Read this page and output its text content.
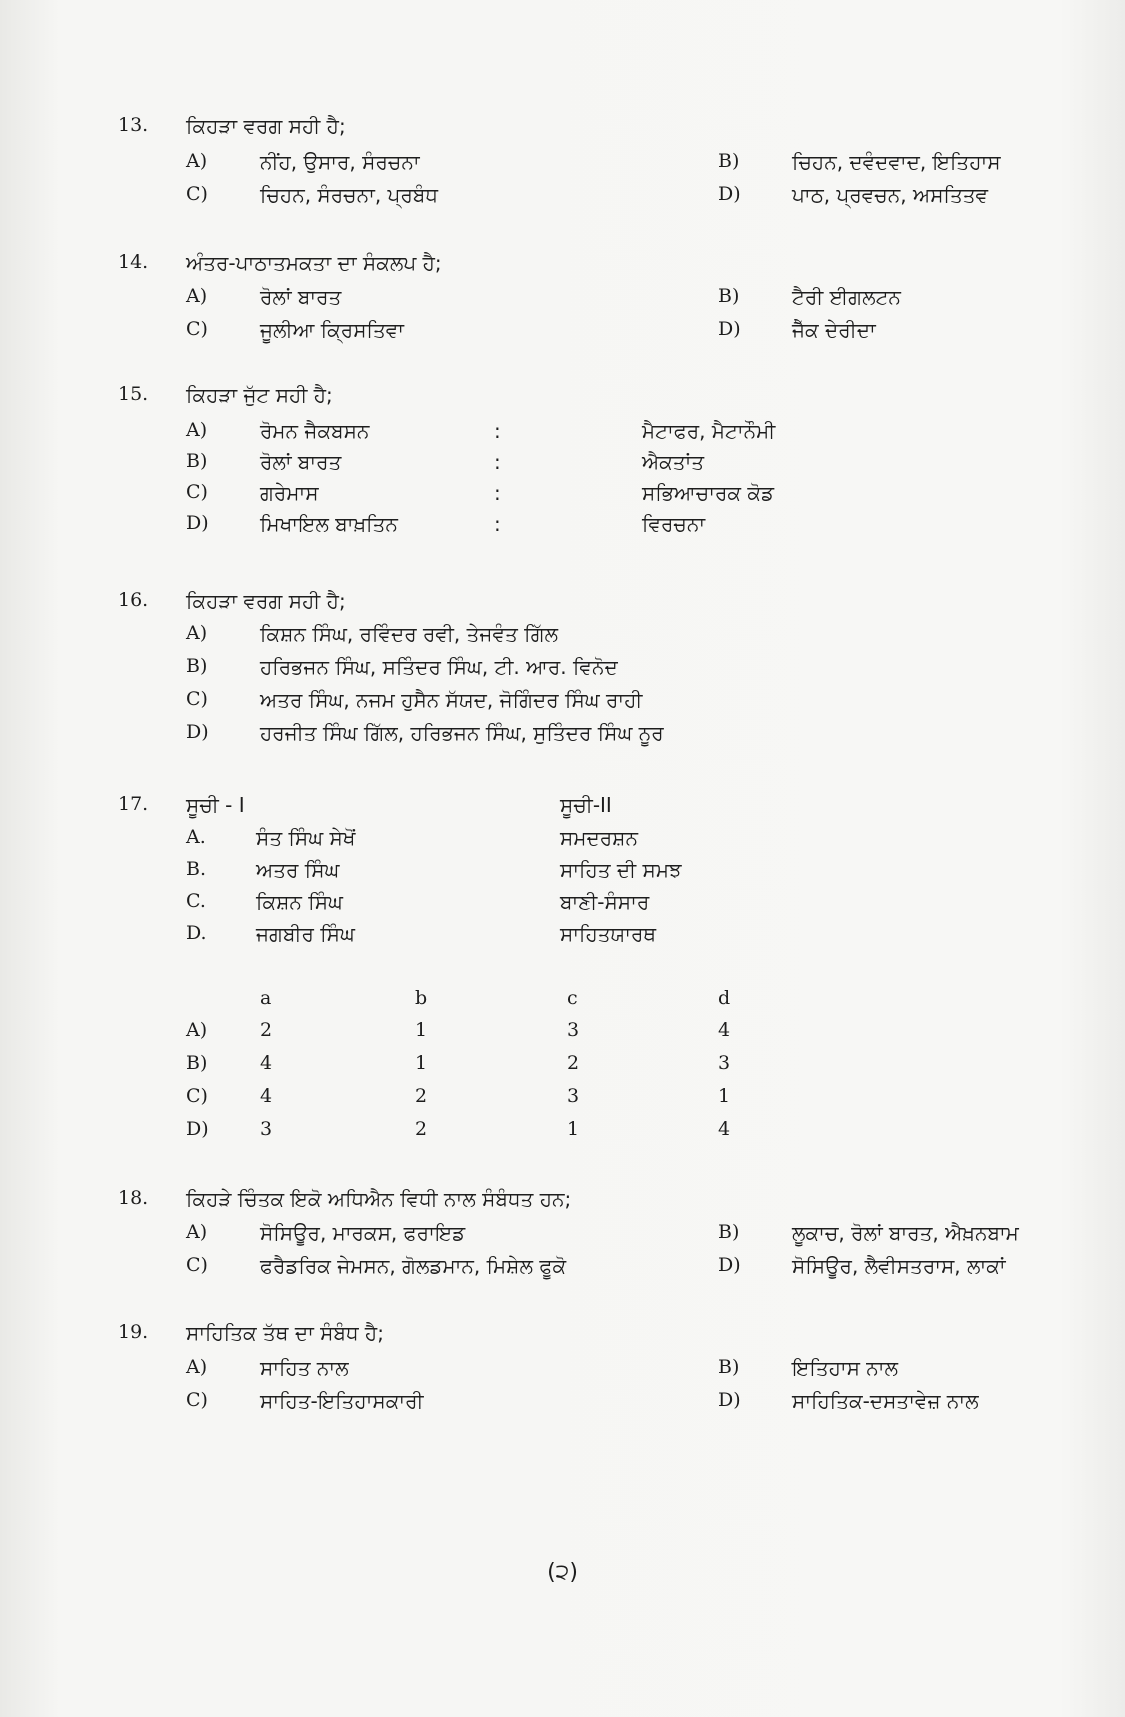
13. ਕਿਹੜਾ ਵਰਗ ਸਹੀ ਹੈ;
A)	ਨੀਂਹ, ਉਸਾਰ, ਸੰਰਚਨਾ	B)	ਚਿਹਨ, ਦਵੰਦਵਾਦ, ਇਤਿਹਾਸ
C)	ਚਿਹਨ, ਸੰਰਚਨਾ, ਪ੍ਰਬੰਧ	D)	ਪਾਠ, ਪ੍ਰਵਚਨ, ਅਸਤਿਤਵ
14. ਅੰਤਰ-ਪਾਠਾਤਮਕਤਾ ਦਾ ਸੰਕਲਪ ਹੈ;
A)	ਰੋਲਾਂ ਬਾਰਤ	B)	ਟੈਰੀ ਈਗਲਟਨ
C)	ਜੂਲੀਆ ਕ੍ਰਿਸਤਿਵਾ	D)	ਜੈੱਕ ਦੇਰੀਦਾ
15. ਕਿਹੜਾ ਜੁੱਟ ਸਹੀ ਹੈ;
A)	ਰੋਮਨ ਜੈਕਬਸਨ	:	ਮੈਟਾਫਰ, ਮੈਟਾਨੌਮੀ
B)	ਰੋਲਾਂ ਬਾਰਤ	:	ਐਕਤਾਂਤ
C)	ਗਰੇਮਾਸ	:	ਸਭਿਆਚਾਰਕ ਕੋਡ
D)	ਮਿਖਾਇਲ ਬਾਖ਼ਤਿਨ	:	ਵਿਰਚਨਾ
16. ਕਿਹੜਾ ਵਰਗ ਸਹੀ ਹੈ;
A)	ਕਿਸ਼ਨ ਸਿੰਘ, ਰਵਿੰਦਰ ਰਵੀ, ਤੇਜਵੰਤ ਗਿੱਲ
B)	ਹਰਿਭਜਨ ਸਿੰਘ, ਸਤਿੰਦਰ ਸਿੰਘ, ਟੀ. ਆਰ. ਵਿਨੋਦ
C)	ਅਤਰ ਸਿੰਘ, ਨਜਮ ਹੁਸੈਨ ਸੱਯਦ, ਜੋਗਿੰਦਰ ਸਿੰਘ ਰਾਹੀ
D)	ਹਰਜੀਤ ਸਿੰਘ ਗਿੱਲ, ਹਰਿਭਜਨ ਸਿੰਘ, ਸੁਤਿੰਦਰ ਸਿੰਘ ਨੂਰ
17. ਸੂਚੀ - I	ਸੂਚੀ-II
A.	ਸੰਤ ਸਿੰਘ ਸੇਖੋਂ	ਸਮਦਰਸ਼ਨ
B. ਅਤਰ ਸਿੰਘ	ਸਾਹਿਤ ਦੀ ਸਮਝ
C.	ਕਿਸ਼ਨ ਸਿੰਘ	ਬਾਣੀ-ਸੰਸਾਰ
D. ਜਗਬੀਰ ਸਿੰਘ	ਸਾਹਿਤਯਾਰਥ
a	b	c	d
A)	2	1	3	4
B)	4	1	2	3
C)	4	2	3	1
D)	3	2	1	4
18. ਕਿਹੜੇ ਚਿੰਤਕ ਇਕੋ ਅਧਿਐਨ ਵਿਧੀ ਨਾਲ ਸੰਬੰਧਤ ਹਨ;
A)	ਸੋਸਿਊਰ, ਮਾਰਕਸ, ਫਰਾਇਡ	B)	ਲੂਕਾਚ, ਰੋਲਾਂ ਬਾਰਤ, ਐਖ਼ਨਬਾਮ
C)	ਫਰੈਡਰਿਕ ਜੇਮਸਨ, ਗੋਲਡਮਾਨ, ਮਿਸ਼ੇਲ ਫੂਕੋ	D)	ਸੋਸਿਊਰ, ਲੈਵੀਸਤਰਾਸ, ਲਾਕਾਂ
19. ਸਾਹਿਤਿਕ ਤੱਥ ਦਾ ਸੰਬੰਧ ਹੈ;
A)	ਸਾਹਿਤ ਨਾਲ	B)	ਇਤਿਹਾਸ ਨਾਲ
C)	ਸਾਹਿਤ-ਇਤਿਹਾਸਕਾਰੀ	D)	ਸਾਹਿਤਿਕ-ਦਸਤਾਵੇਜ਼ ਨਾਲ
(੨)
